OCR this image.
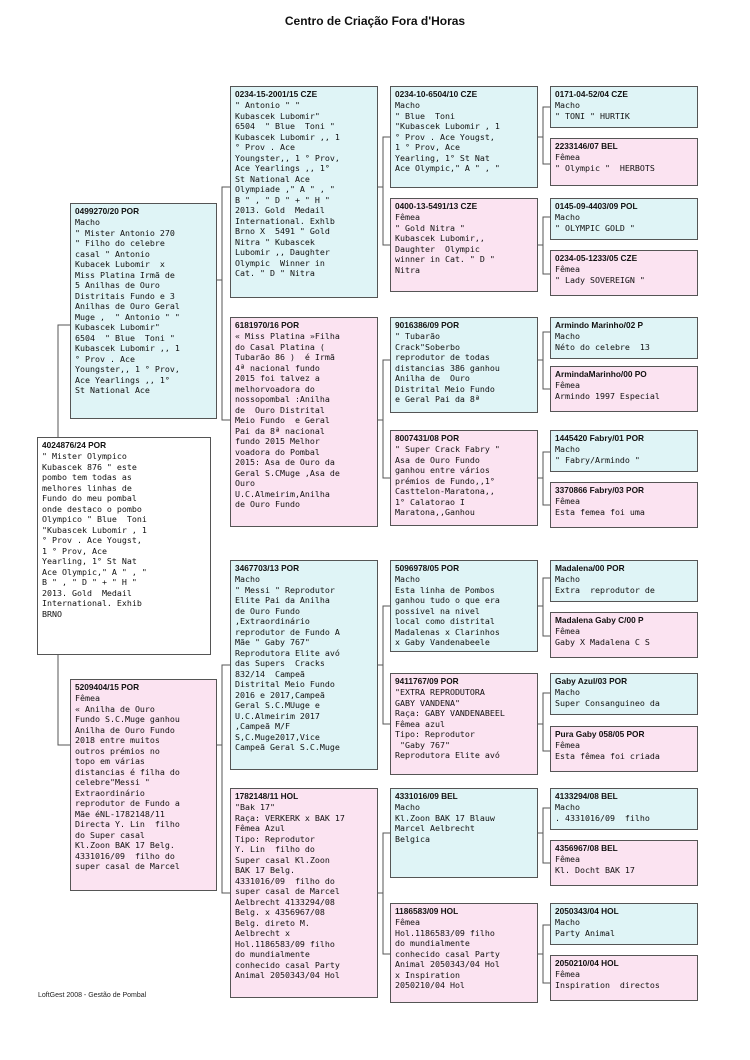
Centro de Criação Fora d'Horas
4024876/24 POR
" Mister Olympico
Kubascek 876 " este
pombo tem todas as
melhores linhas de
Fundo do meu pombal
onde destaco o pombo
Olympico " Blue  Toni
"Kubascek Lubomir , 1
° Prov . Ace Yougst,
1 ° Prov, Ace
Yearling, 1° St Nat
Ace Olympic," A " , "
B " , " D " + " H "
2013. Gold  Medail
International. Exhib
BRNO
0499270/20 POR
Macho
" Mister Antonio 270
" Filho do celebre
casal " Antonio
Kubacek Lubomir  x
Miss Platina Irmã de
5 Anilhas de Ouro
Distritais Fundo e 3
Anilhas de Ouro Geral
Muge ,  " Antonio " "
Kubascek Lubomir"
6504  " Blue  Toni "
Kubascek Lubomir ,, 1
° Prov . Ace
Youngster,, 1 ° Prov,
Ace Yearlings ,, 1°
St National Ace
5209404/15 POR
Fêmea
« Anilha de Ouro
Fundo S.C.Muge ganhou
Anilha de Ouro Fundo
2018 entre muitos
outros prémios no
topo em várias
distancias é filha do
celebre"Messi "
Extraordinário
reprodutor de Fundo a
Mãe éNL-1782148/11
Directa Y. Lin  filho
do Super casal
Kl.Zoon BAK 17 Belg.
4331016/09  filho do
super casal de Marcel
0234-15-2001/15 CZE
" Antonio " "
Kubascek Lubomir"
6504  " Blue  Toni "
Kubascek Lubomir ,, 1
° Prov . Ace
Youngster,, 1 ° Prov,
Ace Yearlings ,, 1°
St National Ace
Olympiade ," A " , "
B " , " D " + " H "
2013. Gold  Medail
International. Exhlb
Brno X  5491 " Gold
Nitra " Kubascek
Lubomir ,, Daughter
Olympic  Winner in
Cat. " D " Nitra
6181970/16 POR
« Miss Platina »Filha
do Casal Platina (
Tubarão 86 )  é Irmã
4ª nacional fundo
2015 foi talvez a
melhorvoadora do
nossopombal :Anilha
de  Ouro Distrital
Meio Fundo  e Geral
Pai da 8ª nacional
fundo 2015 Melhor
voadora do Pombal
2015: Asa de Ouro da
Geral S.CMuge ,Asa de
Ouro
U.C.Almeirim,Anilha
de Ouro Fundo
3467703/13 POR
Macho
" Messi " Reprodutor
Elite Pai da Anilha
de Ouro Fundo
,Extraordinário
reprodutor de Fundo A
Mãe " Gaby 767"
Reprodutora Elite avó
das Supers  Cracks
832/14  Campeã
Distrital Meio Fundo
2016 e 2017,Campeã
Geral S.C.MUuge e
U.C.Almeirim 2017
,Campeã M/F
S,C.Muge2017,Vice
Campeã Geral S.C.Muge
1782148/11 HOL
"Bak 17"
Raça: VERKERK x BAK 17
Fêmea Azul
Tipo: Reprodutor
Y. Lin  filho do
Super casal Kl.Zoon
BAK 17 Belg.
4331016/09  filho do
super casal de Marcel
Aelbrecht 4133294/08
Belg. x 4356967/08
Belg. direto M.
Aelbrecht x
Hol.1186583/09 filho
do mundialmente
conhecido casal Party
Animal 2050343/04 Hol
0234-10-6504/10 CZE
Macho
" Blue  Toni
"Kubascek Lubomir , 1
° Prov . Ace Yougst,
1 ° Prov, Ace
Yearling, 1° St Nat
Ace Olympic," A " , "
0400-13-5491/13 CZE
Fêmea
" Gold Nitra "
Kubascek Lubomir,,
Daughter  Olympic
winner in Cat. " D "
Nitra
9016386/09 POR
" Tubarão
Crack"Soberbo
reprodutor de todas
distancias 386 ganhou
Anilha de  Ouro
Distrital Meio Fundo
e Geral Pai da 8ª
8007431/08 POR
" Super Crack Fabry "
Asa de Ouro Fundo
ganhou entre vários
prémios de Fundo,,1°
Casttelon-Maratona,,
1° Calatorao I
Maratona,,Ganhou
5096978/05 POR
Macho
Esta linha de Pombos
ganhou tudo o que era
possivel na nivel
local como distrital
Madalenas x Clarinhos
x Gaby Vandenabeele
9411767/09 POR
"EXTRA REPRODUTORA
GABY VANDENA"
Raça: GABY VANDENABEEL
Fêmea azul
Tipo: Reprodutor
"Gaby 767"
Reprodutora Elite avó
4331016/09 BEL
Macho
Kl.Zoon BAK 17 Blauw
Marcel Aelbrecht
Belgica
1186583/09 HOL
Fêmea
Hol.1186583/09 filho
do mundialmente
conhecido casal Party
Animal 2050343/04 Hol
x Inspiration
2050210/04 Hol
0171-04-52/04 CZE
Macho
" TONI " HURTIK
2233146/07 BEL
Fêmea
" Olympic "  HERBOTS
0145-09-4403/09 POL
Macho
" OLYMPIC GOLD "
0234-05-1233/05 CZE
Fêmea
" Lady SOVEREIGN "
Armindo Marinho/02 P
Macho
Néto do celebre  13
ArmindaMarinho/00 PO
Fêmea
Armindo 1997 Especial
1445420 Fabry/01 POR
Macho
" Fabry/Armindo "
3370866 Fabry/03 POR
Fêmea
Esta femea foi uma
Madalena/00 POR
Macho
Extra  reprodutor de
Madalena Gaby C/00 P
Fêmea
Gaby X Madalena C S
Gaby Azul/03 POR
Macho
Super Consanguineo da
Pura Gaby 058/05 POR
Fêmea
Esta fêmea foi criada
4133294/08 BEL
Macho
. 4331016/09  filho
4356967/08 BEL
Fêmea
Kl. Docht BAK 17
2050343/04 HOL
Macho
Party Animal
2050210/04 HOL
Fêmea
Inspiration  directos
LoftGest 2008 - Gestão de Pombal
